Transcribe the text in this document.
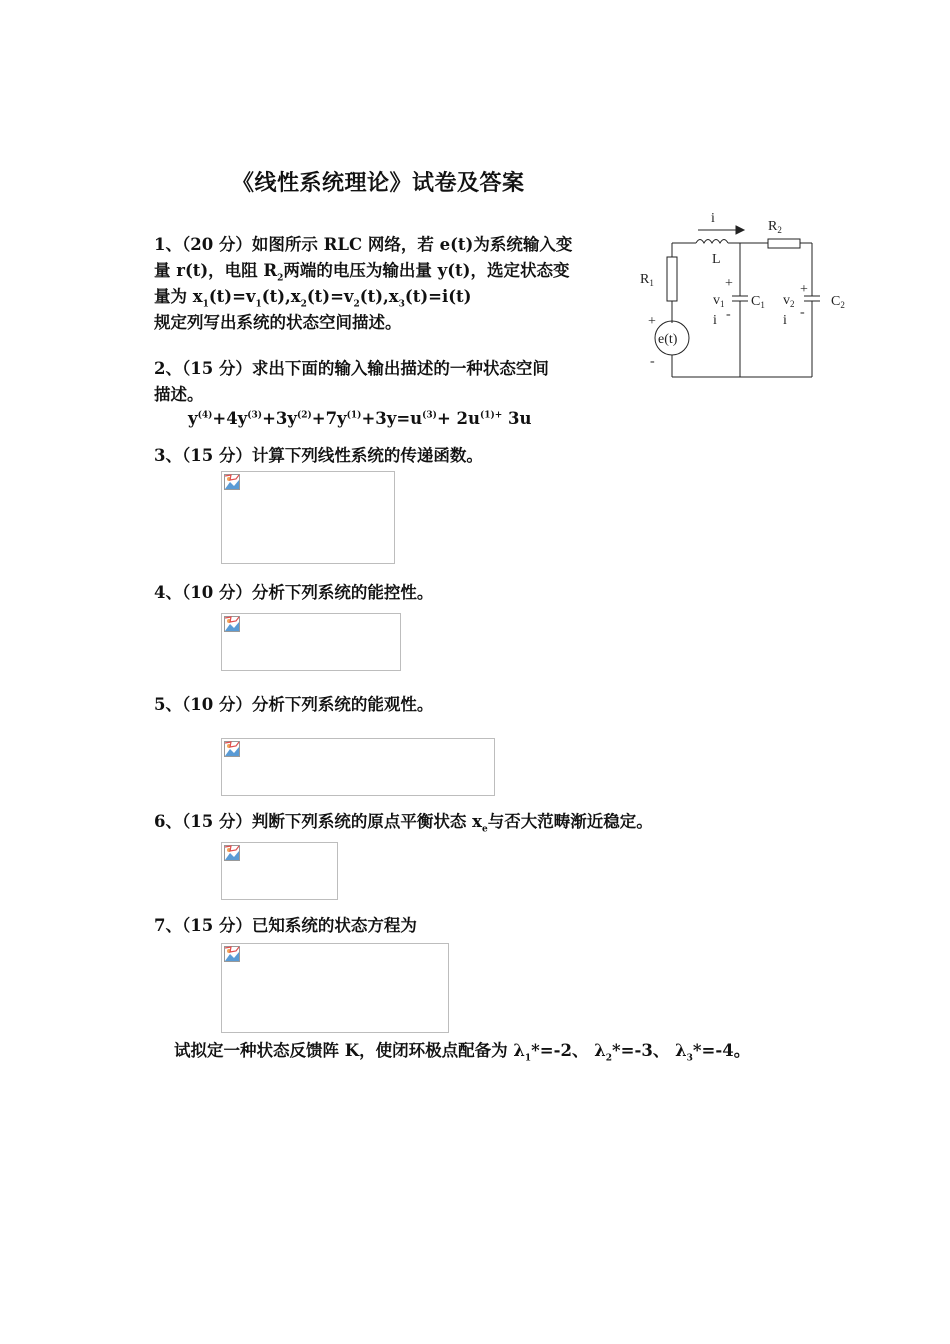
《线性系统理论》试卷及答案
1、（20 分）如图所示 RLC 网络，若 e(t)为系统输入变
量 r(t)，电阻 $R_2$两端的电压为输出量 y(t)，选定状态变
量为 $x_1(t)=v_1(t),x_2(t)=v_2(t),x_3(t)=i(t)$
规定列写出系统的状态空间描述。
i
$R_2$
L
$R_1$	+
$v_1$ $C_1$
i -
+
$v_2$	$C_2$
-
i
+
e(t)
-
2、（15 分）求出下面的输入输出描述的一种状态空间
描述。
$y^{(4)}+4y^{(3)}+3y^{(2)}+7y^{(1)}+3y=u^{(3)}+ 2u^{(1)+}$ 3u
3、（15 分）计算下列线性系统的传递函数。
4、（10 分）分析下列系统的能控性。
5、（10 分）分析下列系统的能观性。
6、（15 分）判断下列系统的原点平衡状态 $x_e$与否大范畴渐近稳定。
7、（15 分）已知系统的状态方程为
试拟定一种状态反馈阵 K，使闭环极点配备为 $\lambda_1*=-2$、 $\lambda_2*=-3$、 $\lambda_3*=-4$。
